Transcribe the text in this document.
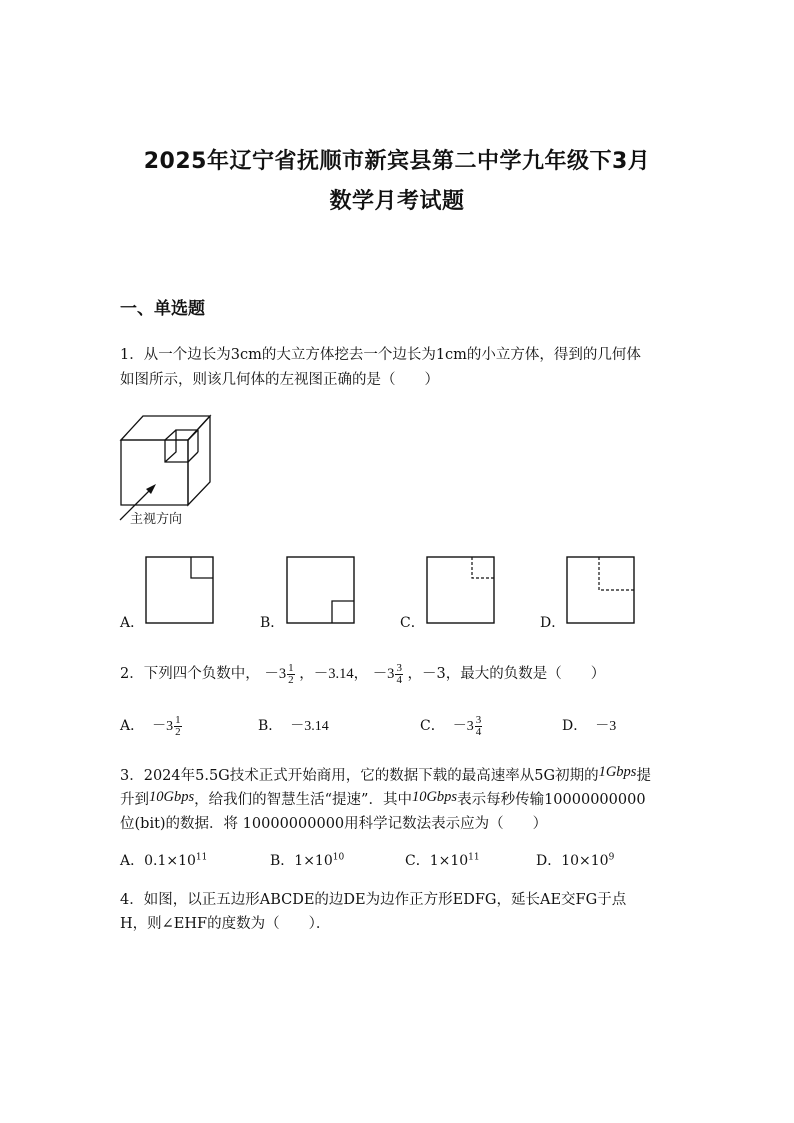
2025年辽宁省抚顺市新宾县第二中学九年级下3月
数学月考试题
一、单选题
1．从一个边长为3cm的大立方体挖去一个边长为1cm的小立方体，得到的几何体
如图所示，则该几何体的左视图正确的是（　　）
主视方向
A．	B．	C．	D．
2．下列四个负数中， $-3 \frac{1}{2}$ ，－3.14， $-3 \frac{3}{4}$ ，－3，最大的负数是（　　）
A． $-3 \frac{1}{2}$	B． －3.14	C． $-3 \frac{3}{4}$	D． －3
3．2024年5.5G技术正式开始商用，它的数据下载的最高速率从5G初期的1Gbps提
升到10Gbps，给我们的智慧生活“提速”．其中10Gbps表示每秒传输10000000000
位(bit)的数据．将 10000000000用科学记数法表示应为（　　）
A．$0.1\times 10^{11}$	B．$1\times 10^{10}$	C．$1\times 10^{11}$	D．$10\times 10^9$
4．如图，以正五边形ABCDE的边DE为边作正方形EDFG，延长AE交FG于点
H，则∠EHF的度数为（　　）．
